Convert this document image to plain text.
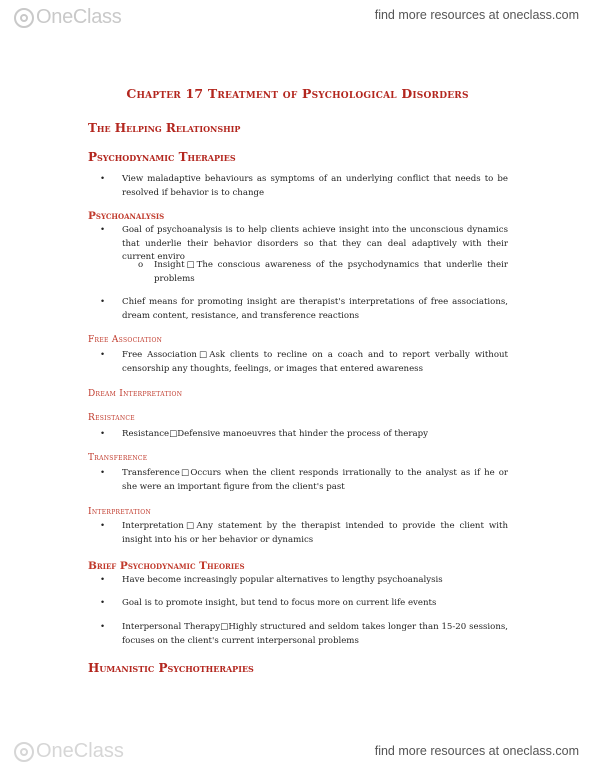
OneClass	find more resources at oneclass.com
Chapter 17 Treatment of Psychological Disorders
The Helping Relationship
Psychodynamic Therapies
•	View maladaptive behaviours as symptoms of an underlying conflict that needs to be resolved if behavior is to change
Psychoanalysis
•	Goal of psychoanalysis is to help clients achieve insight into the unconscious dynamics that underlie their behavior disorders so that they can deal adaptively with their current enviro
o	Insight□The conscious awareness of the psychodynamics that underlie their problems
•	Chief means for promoting insight are therapist's interpretations of free associations, dream content, resistance, and transference reactions
Free Association
•	Free Association□Ask clients to recline on a coach and to report verbally without censorship any thoughts, feelings, or images that entered awareness
Dream Interpretation
Resistance
•	Resistance□Defensive manoeuvres that hinder the process of therapy
Transference
•	Transference□Occurs when the client responds irrationally to the analyst as if he or she were an important figure from the client's past
Interpretation
•	Interpretation□Any statement by the therapist intended to provide the client with insight into his or her behavior or dynamics
Brief Psychodynamic Theories
•	Have become increasingly popular alternatives to lengthy psychoanalysis
•	Goal is to promote insight, but tend to focus more on current life events
•	Interpersonal Therapy□Highly structured and seldom takes longer than 15-20 sessions, focuses on the client's current interpersonal problems
Humanistic Psychotherapies
OneClass	find more resources at oneclass.com
